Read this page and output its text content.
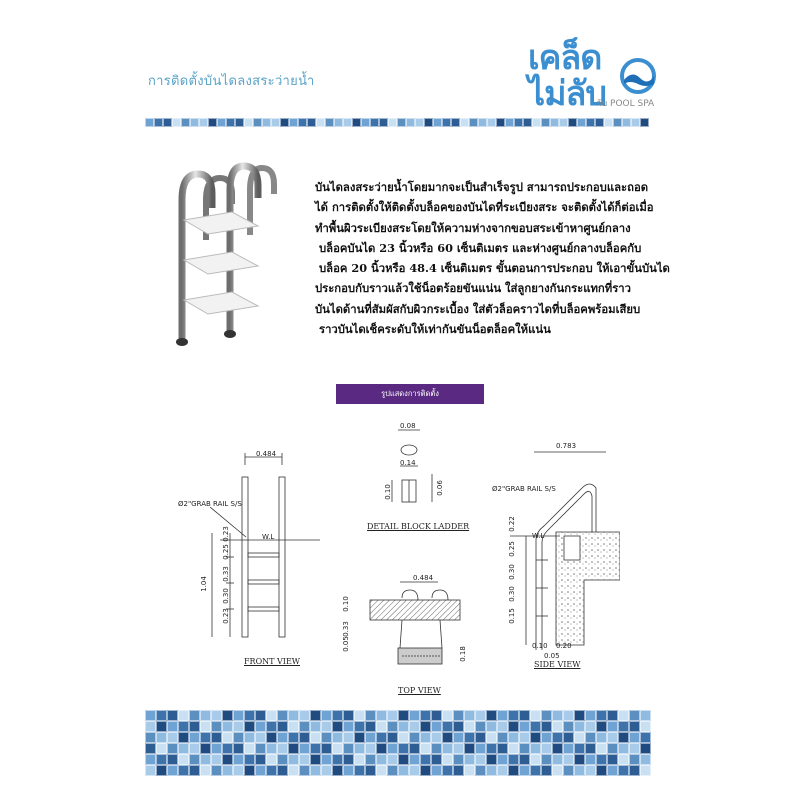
การติดตั้งบันไดลงสระว่ายน้ำ
เคล็ด
ไม่ลับ
กับ POOL SPA
บันไดลงสระว่ายน้ำโดยมากจะเป็นสำเร็จรูป สามารถประกอบและถอด
ได้ การติดตั้งให้ติดตั้งบล็อคของบันไดที่ระเบียงสระ จะติดตั้งได้ก็ต่อเมื่อ
ทำพื้นผิวระเบียงสระโดยให้ความห่างจากขอบสระเข้าหาศูนย์กลาง
บล็อคบันได 23 นิ้วหรือ 60 เซ็นติเมตร และห่างศูนย์กลางบล็อคกับ
บล็อค 20 นิ้วหรือ 48.4 เซ็นติเมตร ขั้นตอนการประกอบ ให้เอาขั้นบันได
ประกอบกับราวแล้วใช้น็อตร้อยขันแน่น ใส่ลูกยางกันกระแทกที่ราว
บันไดด้านที่สัมผัสกับผิวกระเบื้อง ใส่ตัวล็อคราวไดที่บล็อคพร้อมเสียบ
ราวบันไดเช็คระดับให้เท่ากันขันน็อตล็อคให้แน่น
รูปแสดงการติดตั้ง
0.484
Ø2"GRAB RAIL S/S
W.L
0.23
0.25
0.33
0.30
0.23
1.04
FRONT VIEW
0.08
0.14
0.10	0.06
DETAIL BLOCK LADDER
0.484
0.10
0.33
0.05
0.18
TOP VIEW
0.783
Ø2"GRAB RAIL S/S
W.L
0.22
0.25
0.30
0.30
0.15
0.10 0.20
0.05
SIDE VIEW
